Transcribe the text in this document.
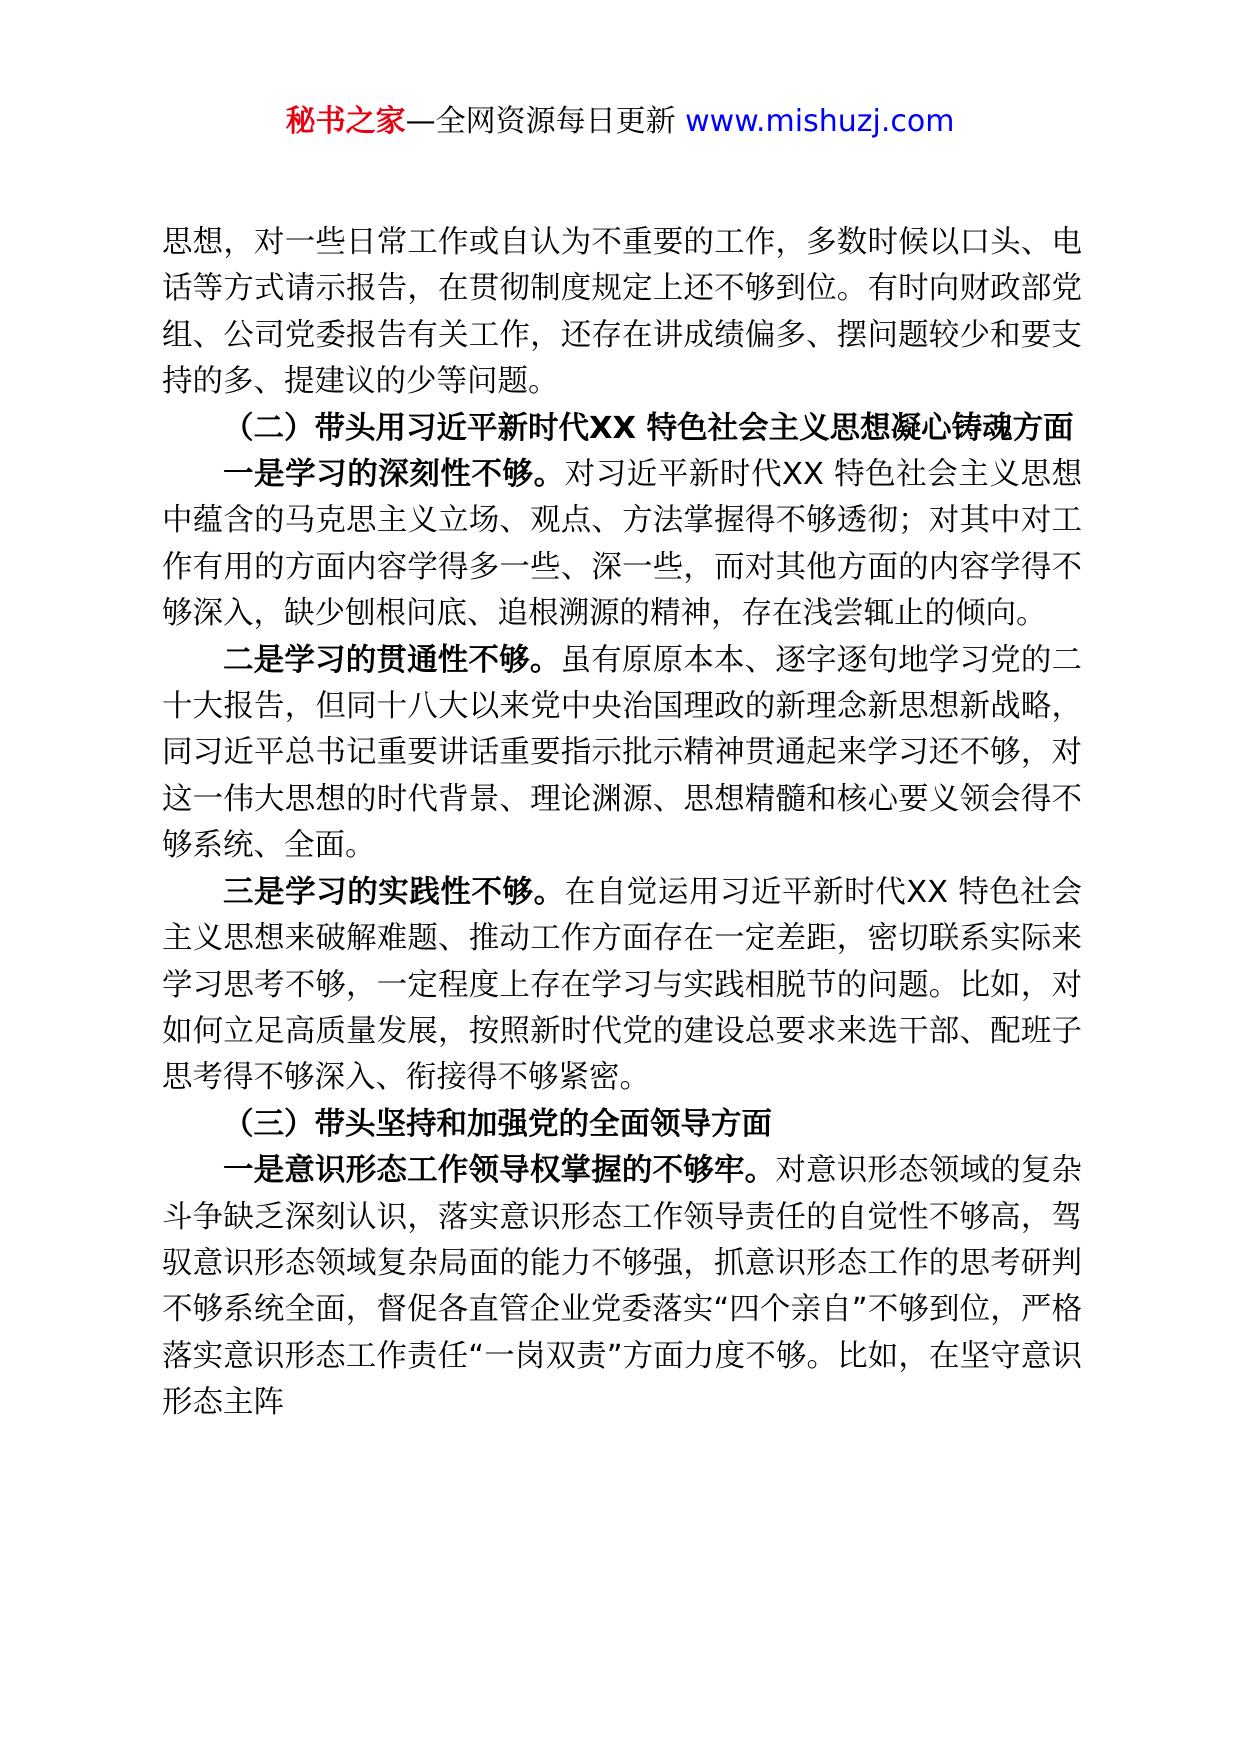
秘书之家—全网资源每日更新 www.mishuzj.com

思想，对一些日常工作或自认为不重要的工作，多数时候以口头、电话等方式请示报告，在贯彻制度规定上还不够到位。有时向财政部党组、公司党委报告有关工作，还存在讲成绩偏多、摆问题较少和要支持的多、提建议的少等问题。

（二）带头用习近平新时代XX 特色社会主义思想凝心铸魂方面

一是学习的深刻性不够。对习近平新时代XX 特色社会主义思想中蕴含的马克思主义立场、观点、方法掌握得不够透彻；对其中对工作有用的方面内容学得多一些、深一些，而对其他方面的内容学得不够深入，缺少刨根问底、追根溯源的精神，存在浅尝辄止的倾向。

二是学习的贯通性不够。虽有原原本本、逐字逐句地学习党的二十大报告，但同十八大以来党中央治国理政的新理念新思想新战略，同习近平总书记重要讲话重要指示批示精神贯通起来学习还不够，对这一伟大思想的时代背景、理论渊源、思想精髓和核心要义领会得不够系统、全面。

三是学习的实践性不够。在自觉运用习近平新时代XX 特色社会主义思想来破解难题、推动工作方面存在一定差距，密切联系实际来学习思考不够，一定程度上存在学习与实践相脱节的问题。比如，对如何立足高质量发展，按照新时代党的建设总要求来选干部、配班子思考得不够深入、衔接得不够紧密。

（三）带头坚持和加强党的全面领导方面

一是意识形态工作领导权掌握的不够牢。对意识形态领域的复杂斗争缺乏深刻认识，落实意识形态工作领导责任的自觉性不够高，驾驭意识形态领域复杂局面的能力不够强，抓意识形态工作的思考研判不够系统全面，督促各直管企业党委落实“四个亲自”不够到位，严格落实意识形态工作责任“一岗双责”方面力度不够。比如，在坚守意识形态主阵
